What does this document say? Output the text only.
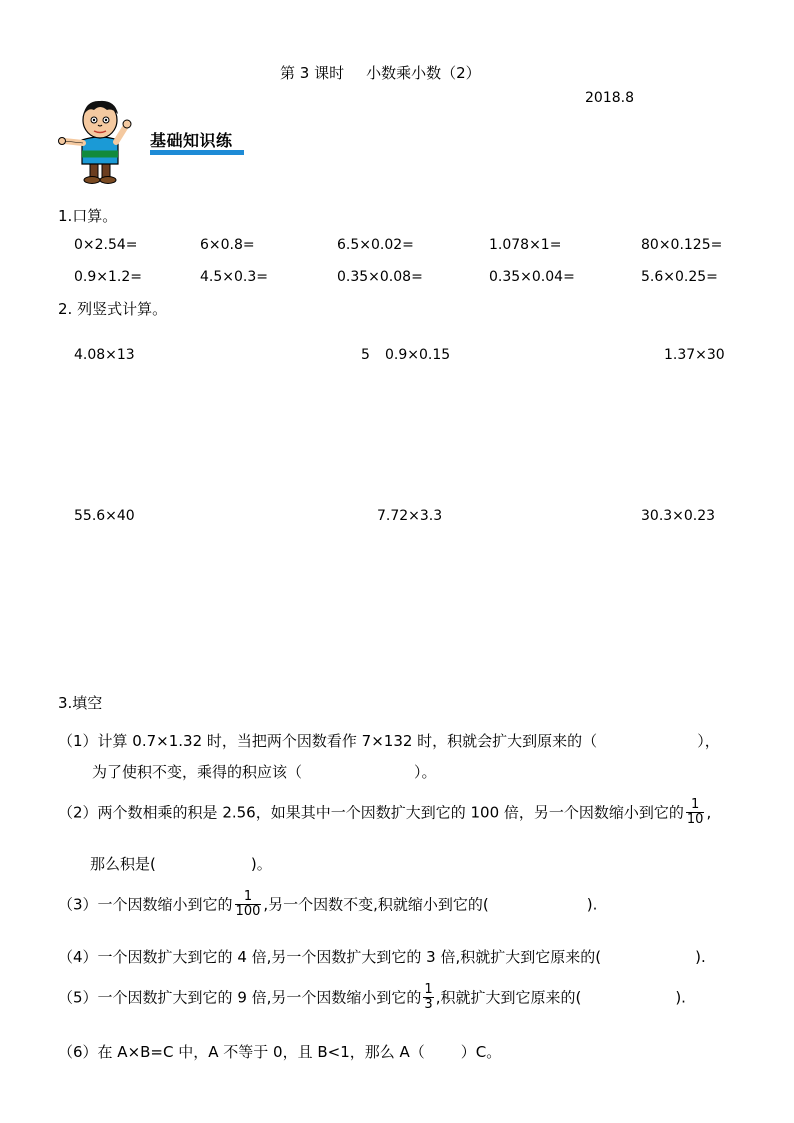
第 3 课时 小数乘小数（2）
2018.8
基础知识练
1.口算。
0×2.54=	6×0.8=	6.5×0.02=	1.078×1=	80×0.125=
0.9×1.2=	4.5×0.3=	0.35×0.08=	0.35×0.04=	5.6×0.25=
2. 列竖式计算。
4.08×13	5 0.9×0.15	1.37×30
55.6×40	7.72×3.3	30.3×0.23
3.填空
（1）计算 0.7×1.32 时，当把两个因数看作 7×132 时，积就会扩大到原来的（	），
为了使积不变，乘得的积应该（	）。
（2）两个数相乘的积是 2.56，如果其中一个因数扩大到它的 100 倍，另一个因数缩小到它的 $\frac{1}{10}$ ,
那么积是(	)。
（3）一个因数缩小到它的 $\frac{1}{100}$ ,另一个因数不变,积就缩小到它的(	).
（4）一个因数扩大到它的 4 倍,另一个因数扩大到它的 3 倍,积就扩大到它原来的(	).
（5）一个因数扩大到它的 9 倍,另一个因数缩小到它的 $\frac{1}{3}$ ,积就扩大到它原来的(	).
（6）在 A×B=C 中，A 不等于 0，且 B<1，那么 A（ ）C。
